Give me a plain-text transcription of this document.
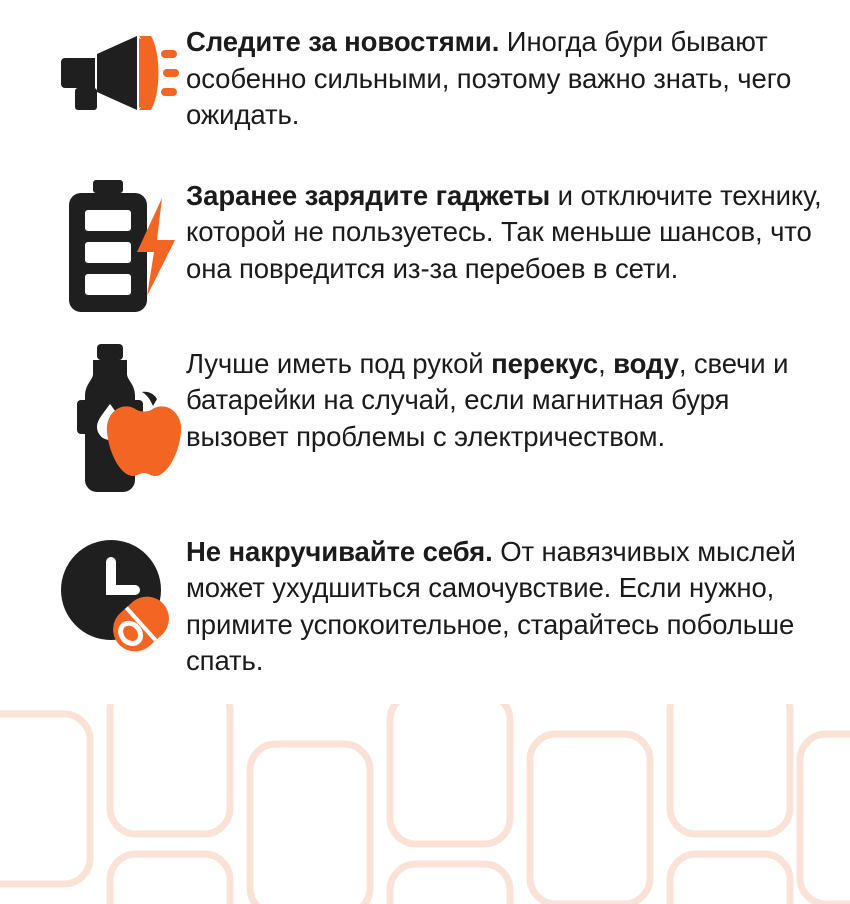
Следите за новостями. Иногда бури бывают особенно сильными, поэтому важно знать, чего ожидать.
Заранее зарядите гаджеты и отключите технику, которой не пользуетесь. Так меньше шансов, что она повредится из-за перебоев в сети.
Лучше иметь под рукой перекус, воду, свечи и батарейки на случай, если магнитная буря вызовет проблемы с электричеством.
Не накручивайте себя. От навязчивых мыслей может ухудшиться самочувствие. Если нужно, примите успокоительное, старайтесь побольше спать.
